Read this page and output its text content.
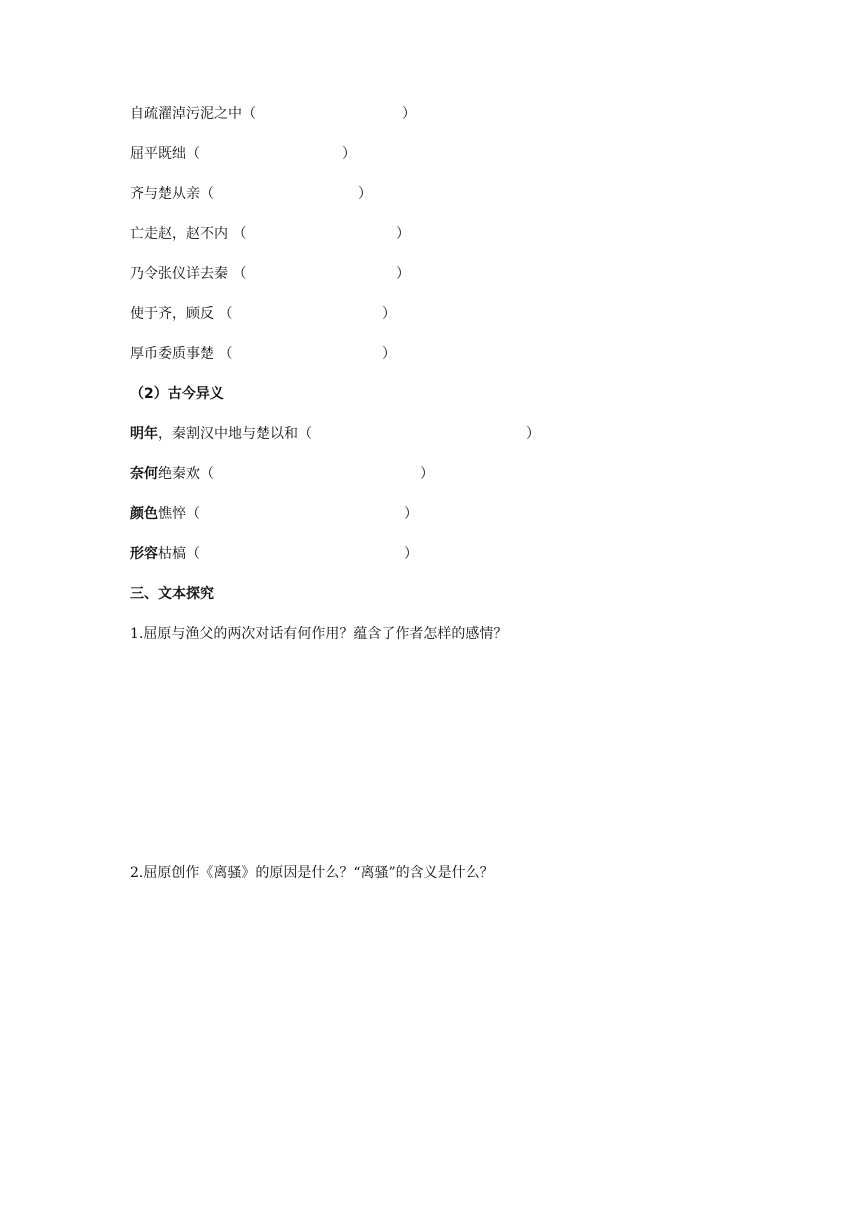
自疏濯淖污泥之中（	）
屈平既绌（	）
齐与楚从亲（	）
亡走赵，赵不内 （	）
乃令张仪详去秦 （	）
使于齐，顾反 （	）
厚币委质事楚 （	）
（2）古今异义
明年，秦割汉中地与楚以和（	）
奈何绝秦欢（	）
颜色憔悴（	）
形容枯槁（	）
三、文本探究
1.屈原与渔父的两次对话有何作用？蕴含了作者怎样的感情？
2.屈原创作《离骚》的原因是什么？“离骚”的含义是什么？
